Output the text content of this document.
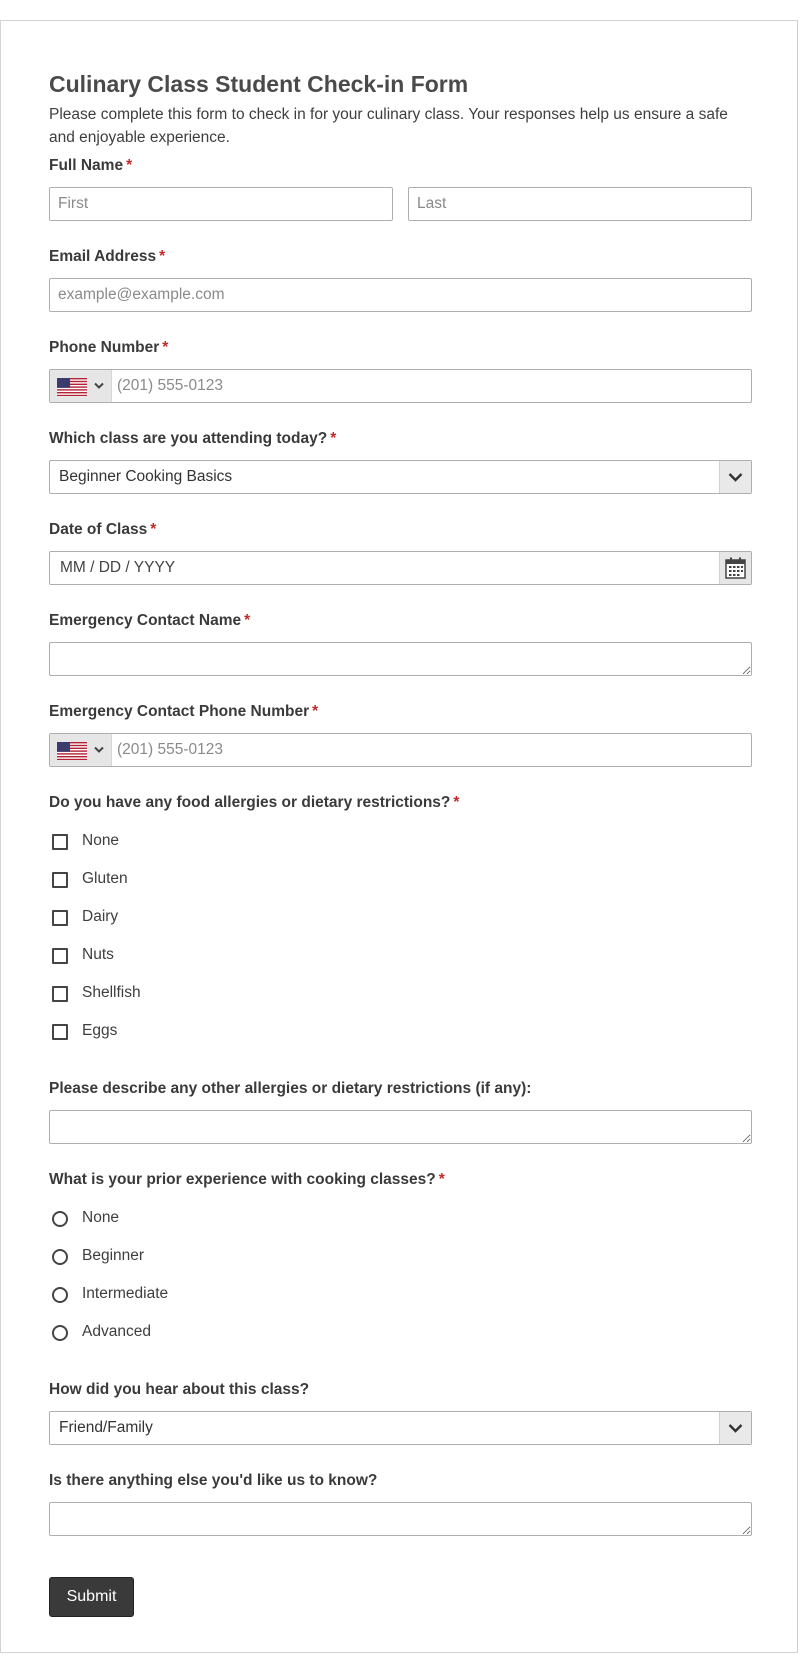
Culinary Class Student Check-in Form

Please complete this form to check in for your culinary class. Your responses help us ensure a safe and enjoyable experience.

Full Name *
First
Last
Email Address *
example@example.com
Phone Number *
(201) 555-0123
Which class are you attending today? *
Beginner Cooking Basics
Date of Class *
MM / DD / YYYY
Emergency Contact Name *
Emergency Contact Phone Number *
(201) 555-0123
Do you have any food allergies or dietary restrictions? *
None
Gluten
Dairy
Nuts
Shellfish
Eggs
Please describe any other allergies or dietary restrictions (if any):
What is your prior experience with cooking classes? *
None
Beginner
Intermediate
Advanced
How did you hear about this class?
Friend/Family
Is there anything else you'd like us to know?
Submit
